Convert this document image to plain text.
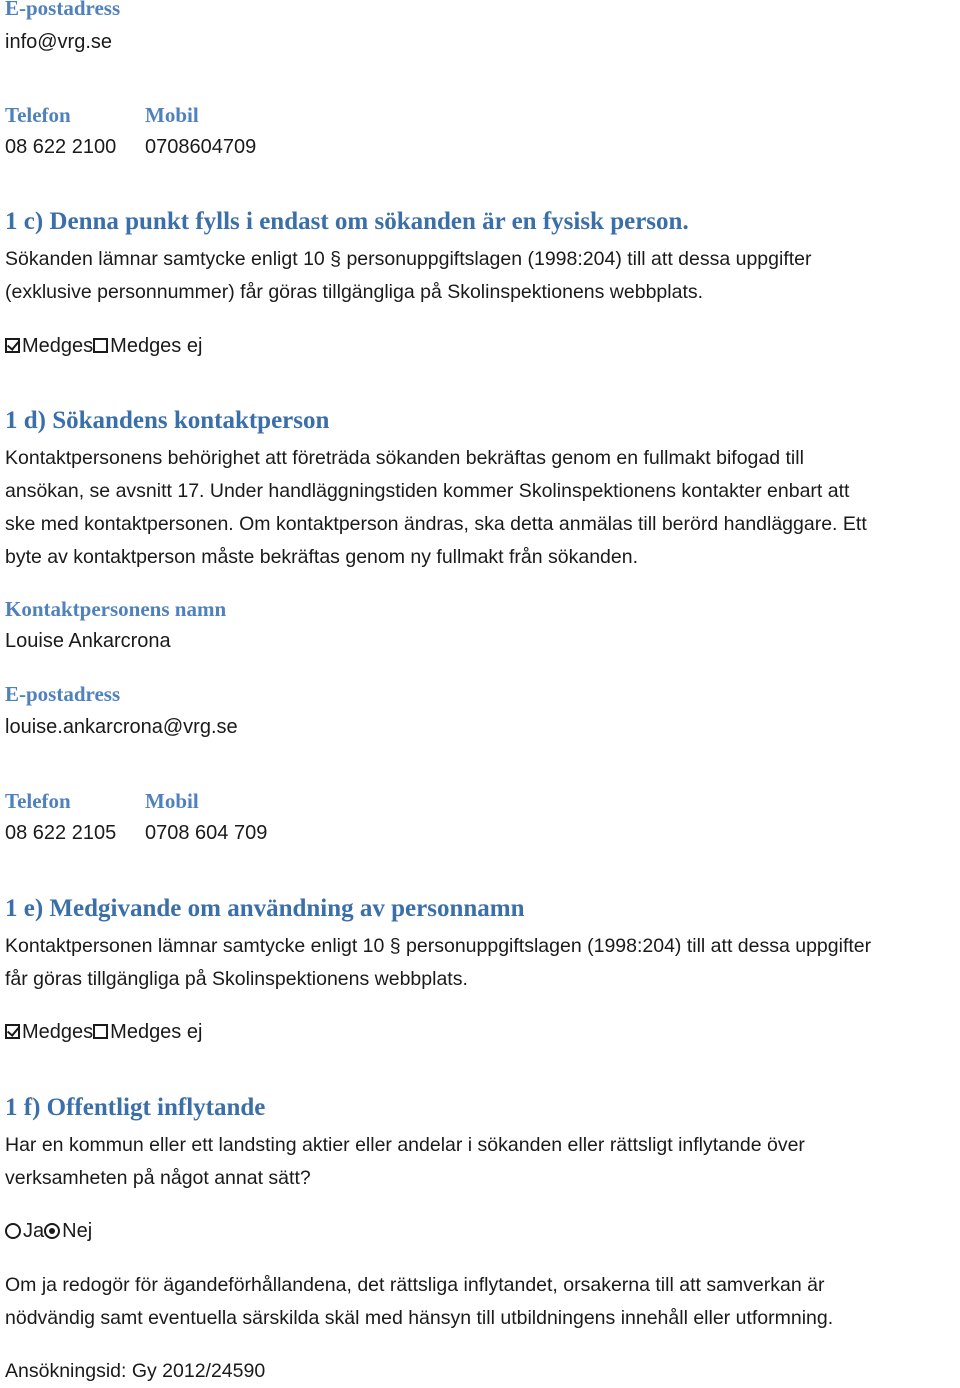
E-postadress
info@vrg.se
Telefon	Mobil
08 622 2100	0708604709
1 c) Denna punkt fylls i endast om sökanden är en fysisk person.
Sökanden lämnar samtycke enligt 10 § personuppgiftslagen (1998:204) till att dessa uppgifter
(exklusive personnummer) får göras tillgängliga på Skolinspektionens webbplats.
Medges Medges ej
1 d) Sökandens kontaktperson
Kontaktpersonens behörighet att företräda sökanden bekräftas genom en fullmakt bifogad till
ansökan, se avsnitt 17. Under handläggningstiden kommer Skolinspektionens kontakter enbart att
ske med kontaktpersonen. Om kontaktperson ändras, ska detta anmälas till berörd handläggare. Ett
byte av kontaktperson måste bekräftas genom ny fullmakt från sökanden.
Kontaktpersonens namn
Louise Ankarcrona
E-postadress
louise.ankarcrona@vrg.se
Telefon	Mobil
08 622 2105	0708 604 709
1 e) Medgivande om användning av personnamn
Kontaktpersonen lämnar samtycke enligt 10 § personuppgiftslagen (1998:204) till att dessa uppgifter
får göras tillgängliga på Skolinspektionens webbplats.
Medges Medges ej
1 f) Offentligt inflytande
Har en kommun eller ett landsting aktier eller andelar i sökanden eller rättsligt inflytande över
verksamheten på något annat sätt?
Ja Nej
Om ja redogör för ägandeförhållandena, det rättsliga inflytandet, orsakerna till att samverkan är
nödvändig samt eventuella särskilda skäl med hänsyn till utbildningens innehåll eller utformning.
Ansökningsid: Gy 2012/24590
